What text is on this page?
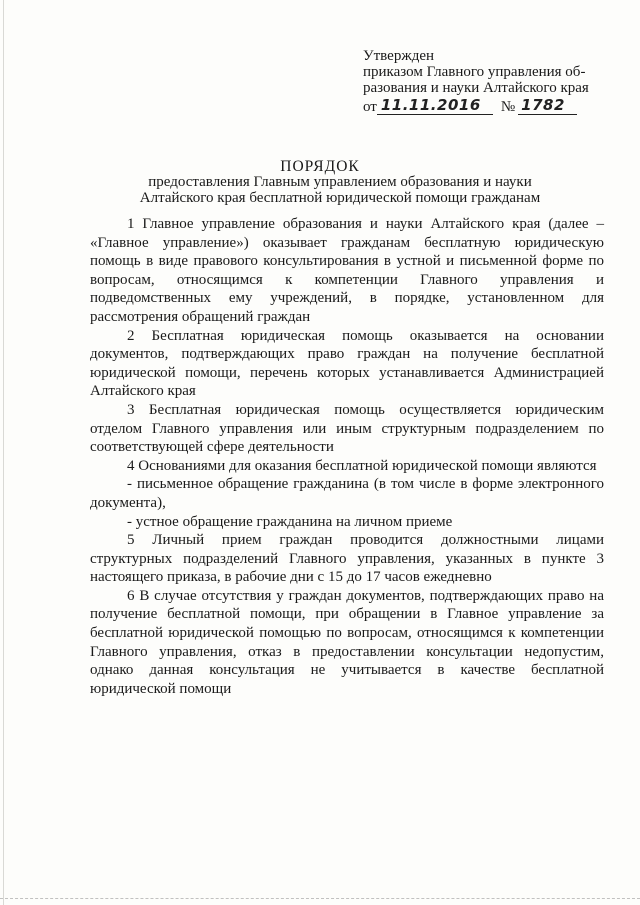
Утвержден
приказом Главного управления об-
разования и науки Алтайского края
от 11.11.2016	№ 1782
ПОРЯДОК
предоставления Главным управлением образования и науки
Алтайского края бесплатной юридической помощи гражданам

1 Главное управление образования и науки Алтайского края (далее – «Главное управление») оказывает гражданам бесплатную юридическую помощь в виде правового консультирования в устной и письменной форме по вопросам, относящимся к компетенции Главного управления и подведомственных ему учреждений, в порядке, установленном для рассмотрения обращений граждан

2 Бесплатная юридическая помощь оказывается на основании документов, подтверждающих право граждан на получение бесплатной юридической помощи, перечень которых устанавливается Администрацией Алтайского края

3 Бесплатная юридическая помощь осуществляется юридическим отделом Главного управления или иным структурным подразделением по соответствующей сфере деятельности

4 Основаниями для оказания бесплатной юридической помощи являются

- письменное обращение гражданина (в том числе в форме электронного документа),

- устное обращение гражданина на личном приеме

5 Личный прием граждан проводится должностными лицами структурных подразделений Главного управления, указанных в пункте 3 настоящего приказа, в рабочие дни с 15 до 17 часов ежедневно

6 В случае отсутствия у граждан документов, подтверждающих право на получение бесплатной помощи, при обращении в Главное управление за бесплатной юридической помощью по вопросам, относящимся к компетенции Главного управления, отказ в предоставлении консультации недопустим, однако данная консультация не учитывается в качестве бесплатной юридической помощи
